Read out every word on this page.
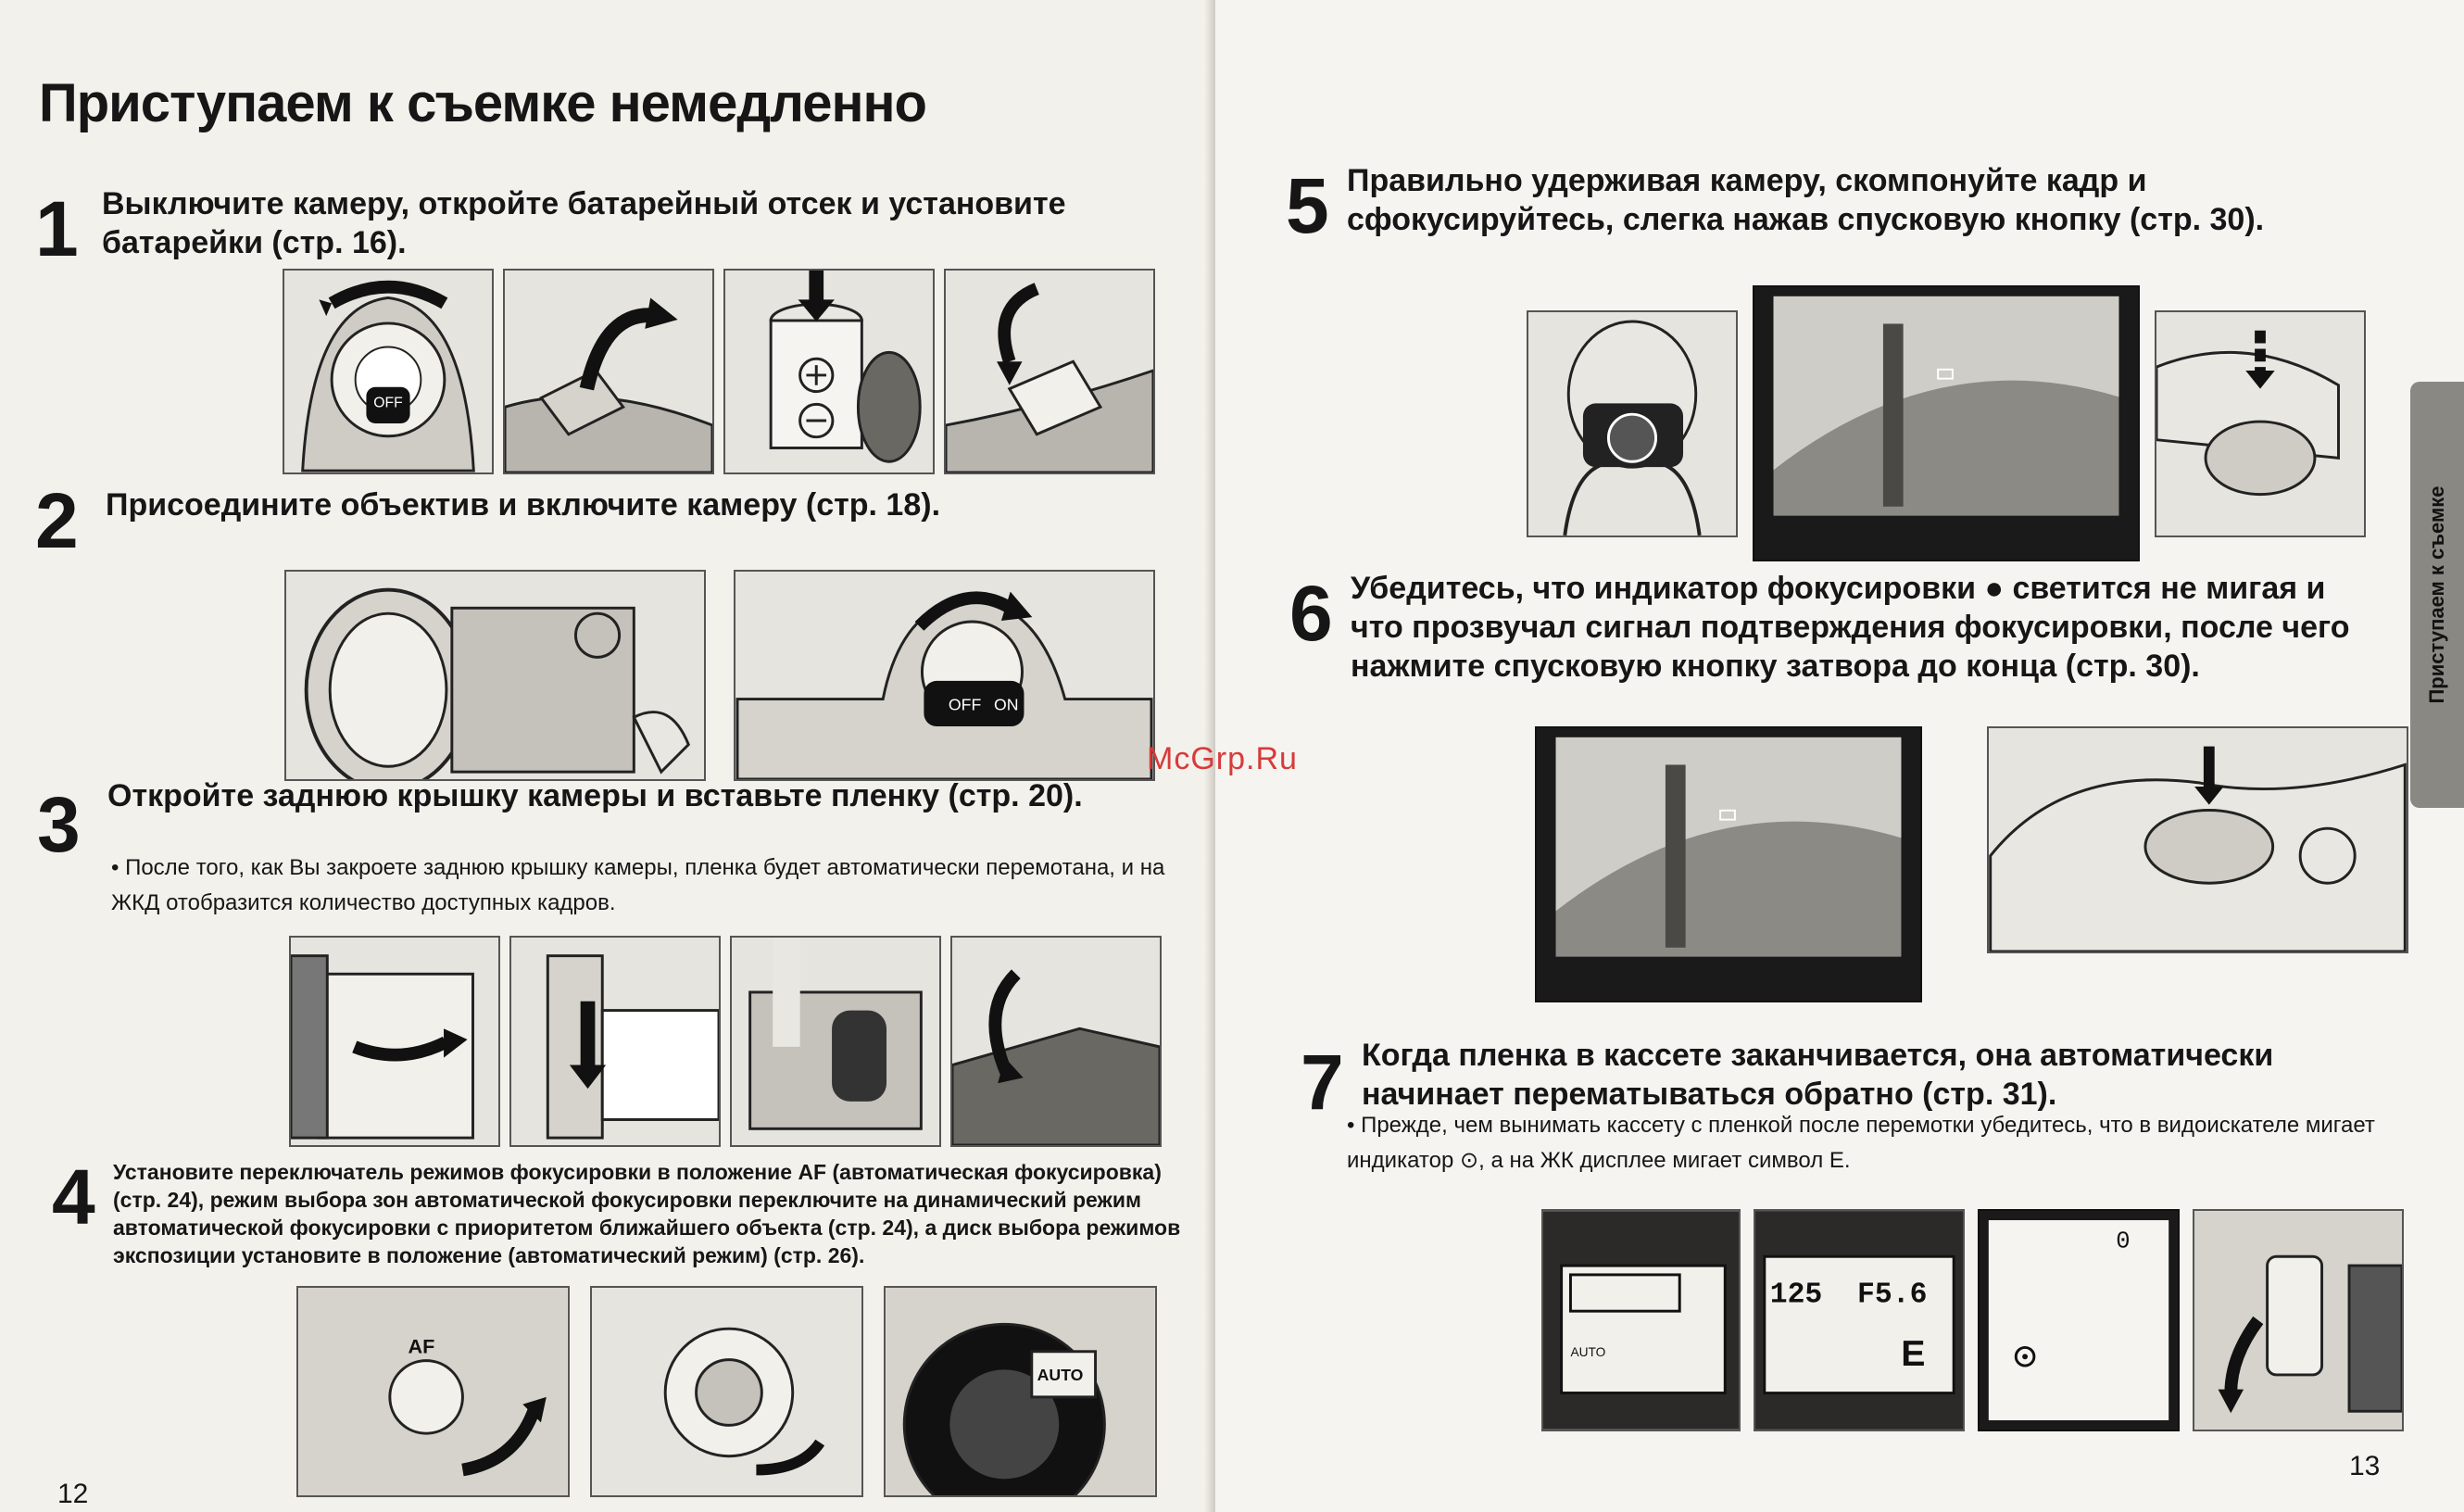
Приступаем к съемке немедленно
1 Выключите камеру, откройте батарейный отсек и установите батарейки (стр. 16).
OFF
2 Присоедините объектив и включите камеру (стр. 18).
OFF ON
3 Откройте заднюю крышку камеры и вставьте пленку (стр. 20).
• После того, как Вы закроете заднюю крышку камеры, пленка будет автоматически перемотана, и на ЖКД отобразится количество доступных кадров.
4 Установите переключатель режимов фокусировки в положение AF (автоматическая фокусировка) (стр. 24), режим выбора зон автоматической фокусировки переключите на динамический режим автоматической фокусировки с приоритетом ближайшего объекта (стр. 24), а диск выбора режимов экспозиции установите в положение (автоматический режим) (стр. 26).
AF
AUTO
12
5 Правильно удерживая камеру, скомпонуйте кадр и сфокусируйтесь, слегка нажав спусковую кнопку (стр. 30).
6 Убедитесь, что индикатор фокусировки ● светится не мигая и что прозвучал сигнал подтверждения фокусировки, после чего нажмите спусковую кнопку затвора до конца (стр. 30).
7 Когда пленка в кассете заканчивается, она автоматически начинает перематываться обратно (стр. 31).
• Прежде, чем вынимать кассету с пленкой после перемотки убедитесь, что в видоискателе мигает индикатор ⊙, а на ЖК дисплее мигает символ E.
AUTO
125 F5.6
E
0
Приступаем к съемке
13
McGrp.Ru
